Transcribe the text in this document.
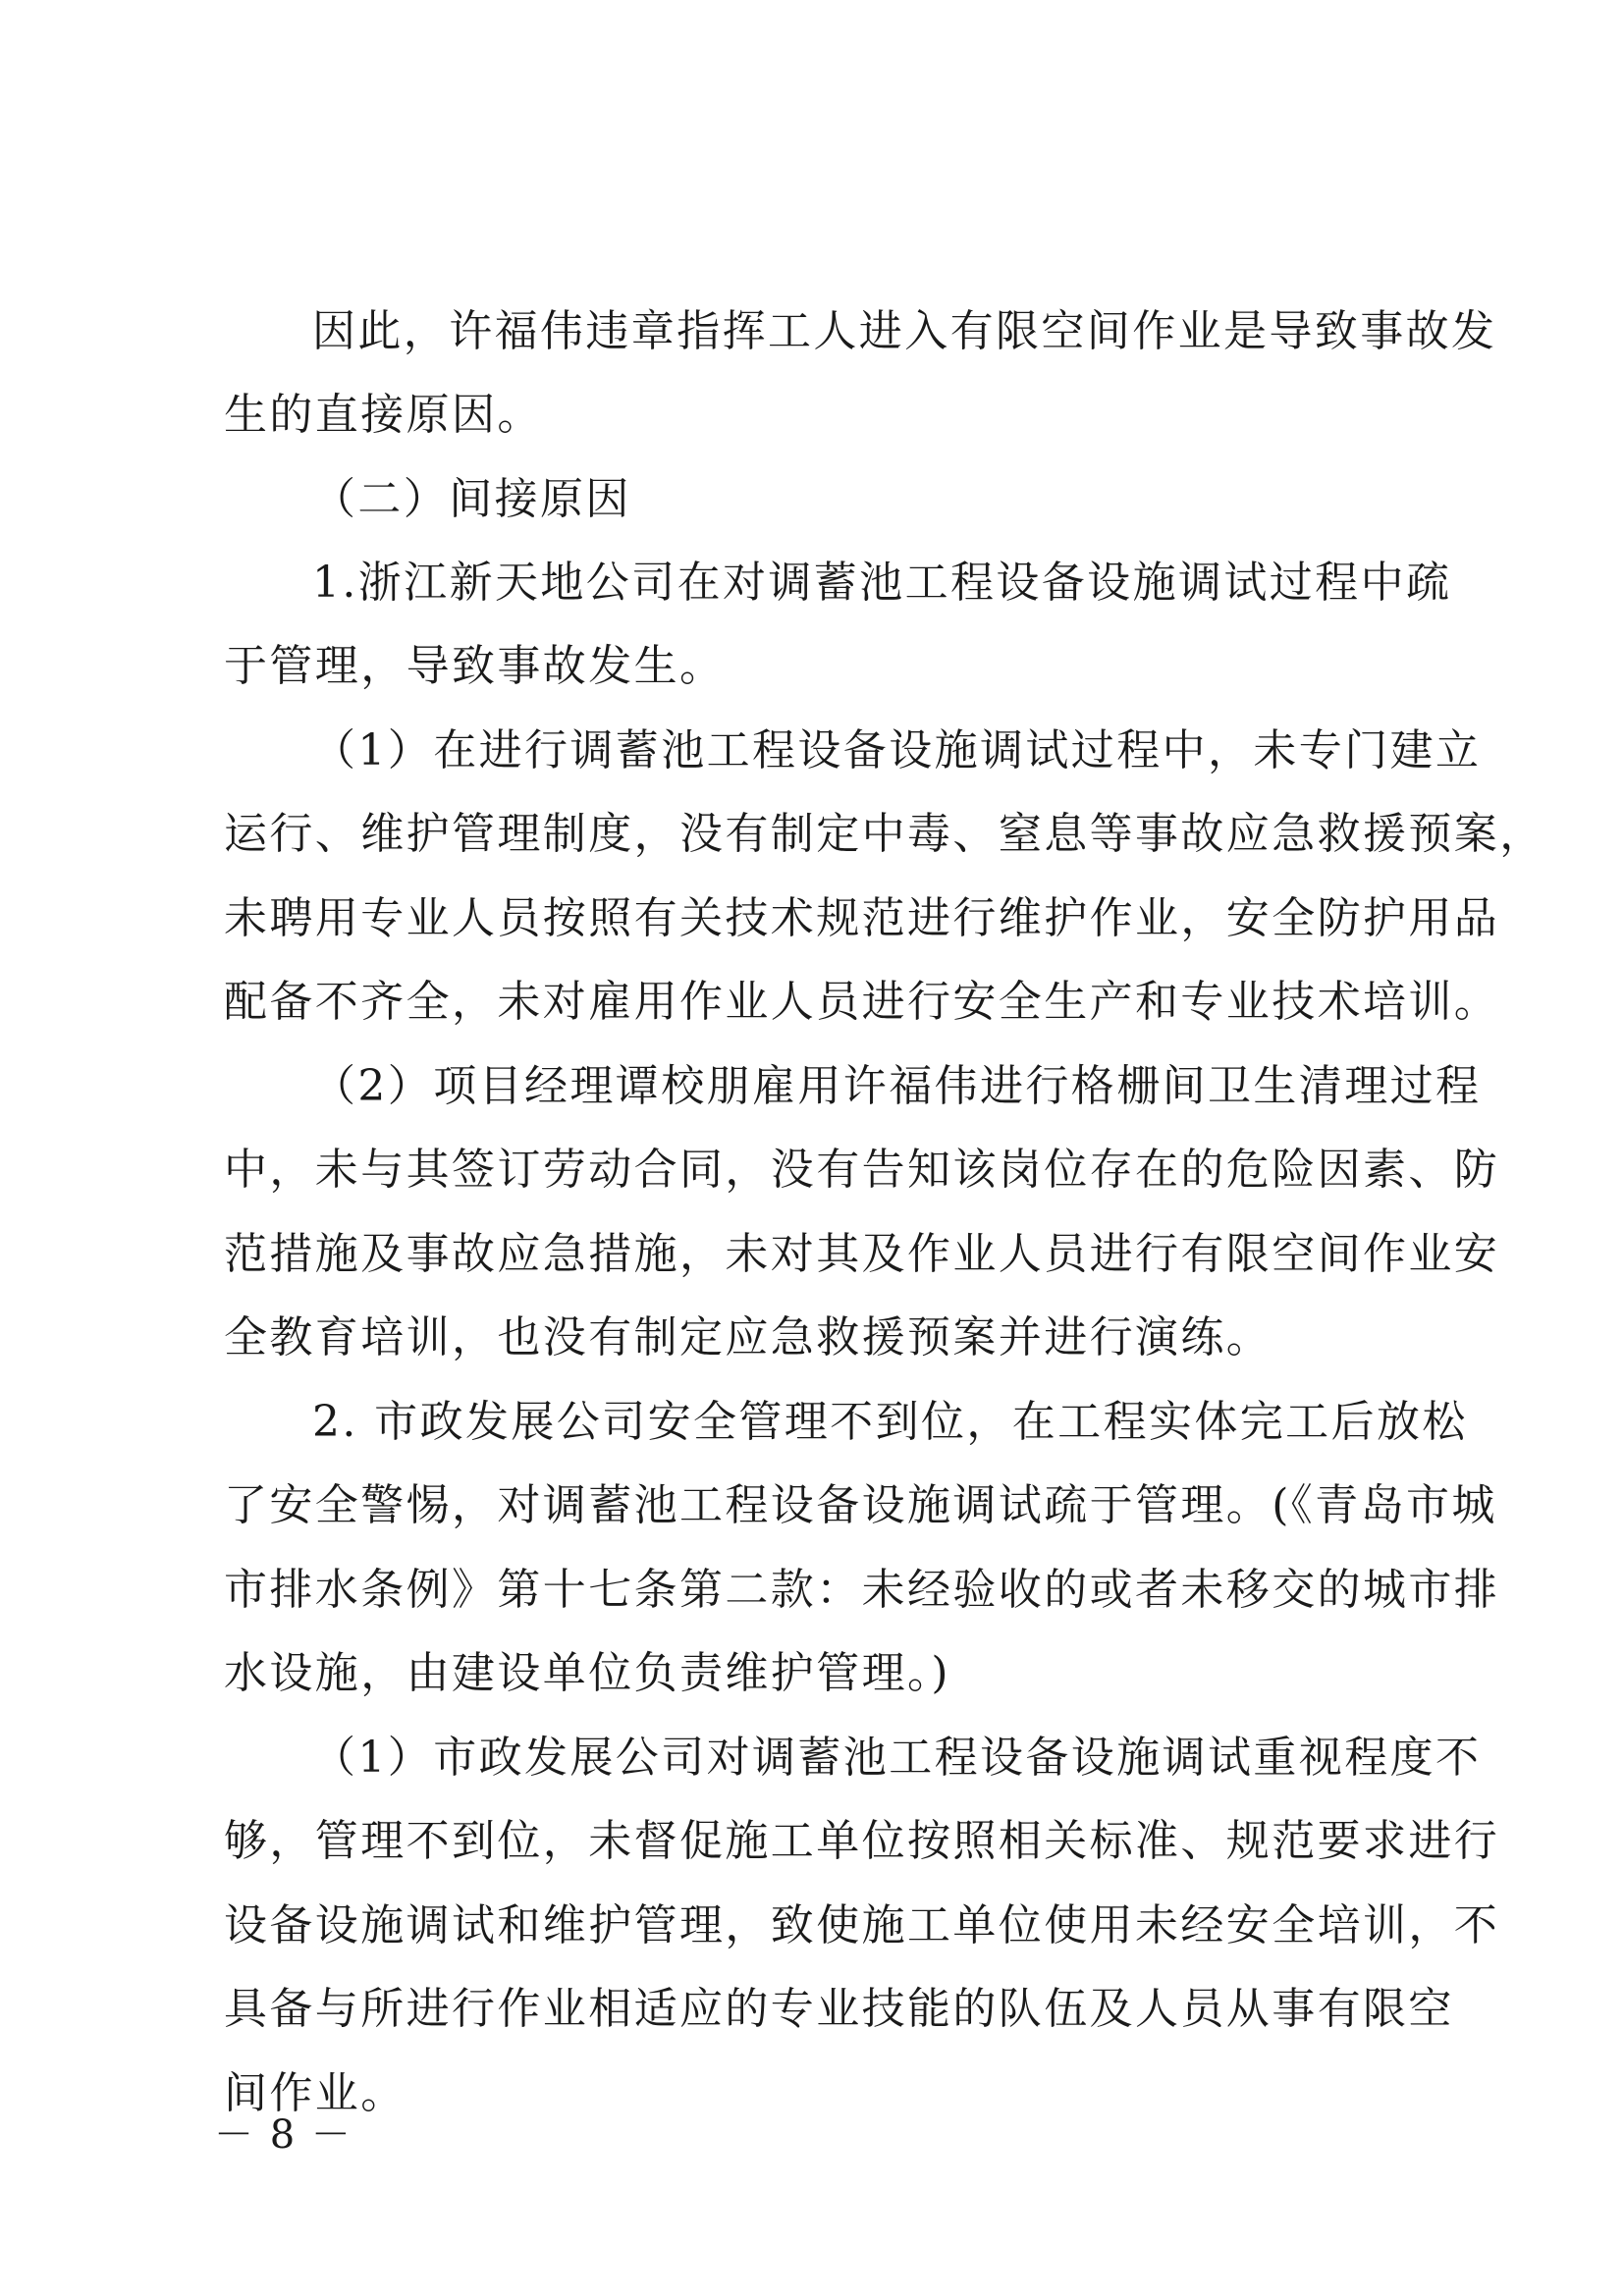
因此，许福伟违章指挥工人进入有限空间作业是导致事故发
生的直接原因。
（二）间接原因
1.浙江新天地公司在对调蓄池工程设备设施调试过程中疏
于管理，导致事故发生。
（1）在进行调蓄池工程设备设施调试过程中，未专门建立
运行、维护管理制度，没有制定中毒、窒息等事故应急救援预案，
未聘用专业人员按照有关技术规范进行维护作业，安全防护用品
配备不齐全，未对雇用作业人员进行安全生产和专业技术培训。
（2）项目经理谭校朋雇用许福伟进行格栅间卫生清理过程
中，未与其签订劳动合同，没有告知该岗位存在的危险因素、防
范措施及事故应急措施，未对其及作业人员进行有限空间作业安
全教育培训，也没有制定应急救援预案并进行演练。
2. 市政发展公司安全管理不到位，在工程实体完工后放松
了安全警惕，对调蓄池工程设备设施调试疏于管理。(《青岛市城
市排水条例》第十七条第二款：未经验收的或者未移交的城市排
水设施，由建设单位负责维护管理。)
（1）市政发展公司对调蓄池工程设备设施调试重视程度不
够，管理不到位，未督促施工单位按照相关标准、规范要求进行
设备设施调试和维护管理，致使施工单位使用未经安全培训，不
具备与所进行作业相适应的专业技能的队伍及人员从事有限空
间作业。
－ 8 －
